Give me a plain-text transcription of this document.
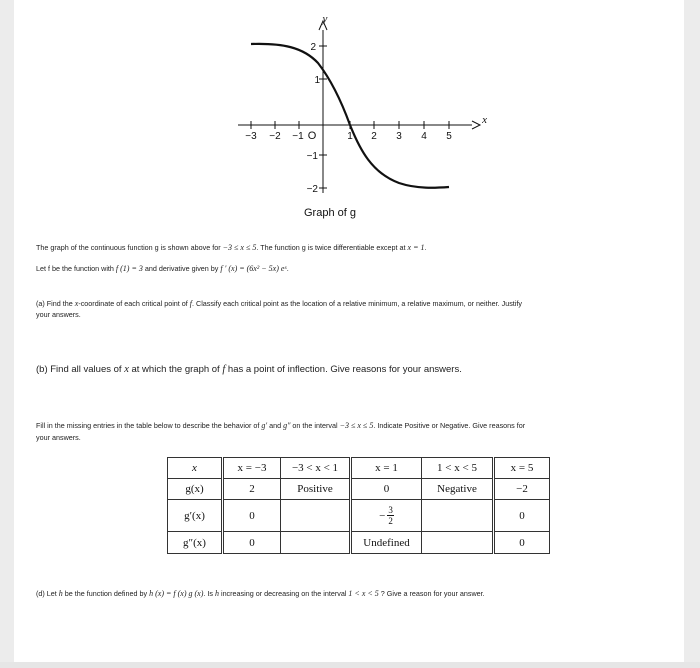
−3 −2 −1	1 2 3 4 5
2
1
−1
−2
O
y
x
Graph of g
The graph of the continuous function g is shown above for −3 ≤ x ≤ 5. The function g is twice differentiable except at x = 1.
Let f be the function with f (1) = 3 and derivative given by f ′ (x) = (6x² − 5x) eˣ.
(a) Find the x-coordinate of each critical point of f. Classify each critical point as the location of a relative minimum, a relative maximum, or neither. Justify
your answers.
(b) Find all values of x at which the graph of f has a point of inflection. Give reasons for your answers.
Fill in the missing entries in the table below to describe the behavior of g′ and g″ on the interval −3 ≤ x ≤ 5. Indicate Positive or Negative. Give reasons for
your answers.
x	x = −3	−3 < x < 1	x = 1	1 < x < 5	x = 5
g(x)	2	Positive	0	Negative	−2
g′(x)	0		− $\frac{3}{2}$		0
g″(x)	0		Undefined		0
(d) Let h be the function defined by h (x) = f (x) g (x). Is h increasing or decreasing on the interval 1 < x < 5 ? Give a reason for your answer.
